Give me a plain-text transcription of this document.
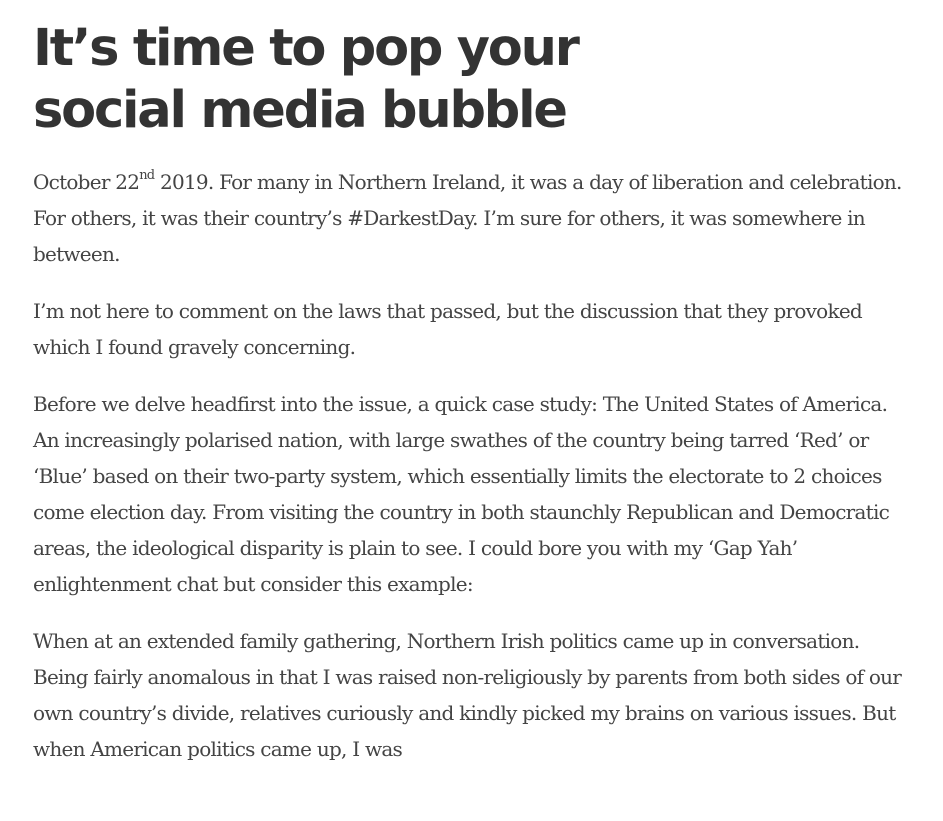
It’s time to pop your social media bubble

October 22nd 2019. For many in Northern Ireland, it was a day of liberation and celebration. For others, it was their country’s #DarkestDay. I’m sure for others, it was somewhere in between.

I’m not here to comment on the laws that passed, but the discussion that they provoked which I found gravely concerning.

Before we delve headfirst into the issue, a quick case study: The United States of America. An increasingly polarised nation, with large swathes of the country being tarred ‘Red’ or ‘Blue’ based on their two-party system, which essentially limits the electorate to 2 choices come election day. From visiting the country in both staunchly Republican and Democratic areas, the ideological disparity is plain to see. I could bore you with my ‘Gap Yah’ enlightenment chat but consider this example:

When at an extended family gathering, Northern Irish politics came up in conversation. Being fairly anomalous in that I was raised non-religiously by parents from both sides of our own country’s divide, relatives curiously and kindly picked my brains on various issues. But when American politics came up, I was
